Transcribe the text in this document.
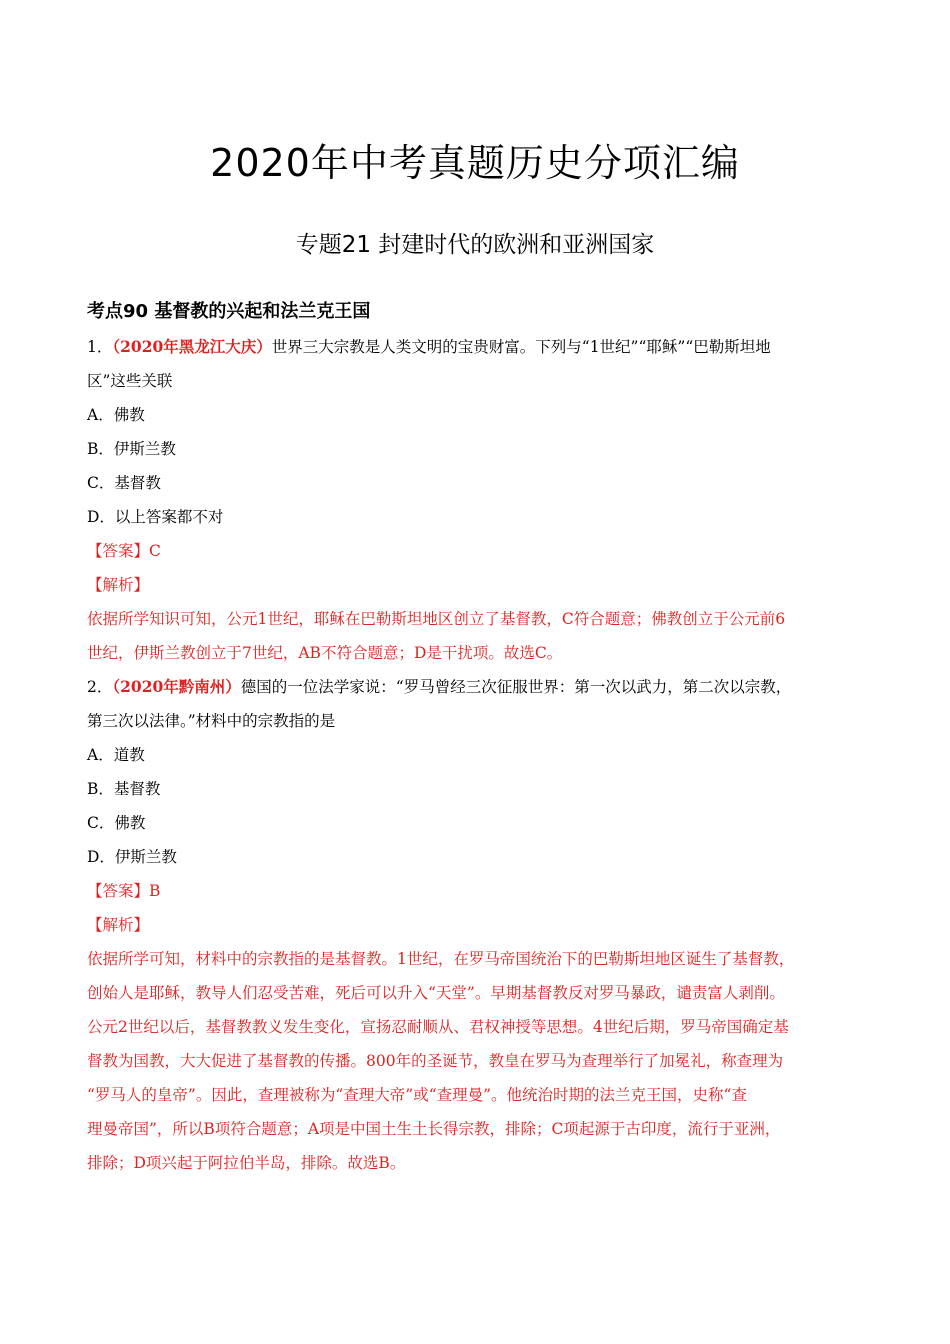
2020年中考真题历史分项汇编
专题21 封建时代的欧洲和亚洲国家
考点90 基督教的兴起和法兰克王国
1．（2020年黑龙江大庆）世界三大宗教是人类文明的宝贵财富。下列与“1世纪”“耶稣”“巴勒斯坦地
区”这些关联
A．佛教
B．伊斯兰教
C．基督教
D．以上答案都不对
【答案】C
【解析】
依据所学知识可知，公元1世纪，耶稣在巴勒斯坦地区创立了基督教，C符合题意；佛教创立于公元前6
世纪，伊斯兰教创立于7世纪，AB不符合题意；D是干扰项。故选C。
2．（2020年黔南州）德国的一位法学家说：“罗马曾经三次征服世界：第一次以武力，第二次以宗教，
第三次以法律。”材料中的宗教指的是
A．道教
B．基督教
C．佛教
D．伊斯兰教
【答案】B
【解析】
依据所学可知，材料中的宗教指的是基督教。1世纪，在罗马帝国统治下的巴勒斯坦地区诞生了基督教，
创始人是耶稣，教导人们忍受苦难，死后可以升入“天堂”。早期基督教反对罗马暴政，谴责富人剥削。
公元2世纪以后，基督教教义发生变化，宣扬忍耐顺从、君权神授等思想。4世纪后期，罗马帝国确定基
督教为国教，大大促进了基督教的传播。800年的圣诞节，教皇在罗马为查理举行了加冕礼，称查理为
“罗马人的皇帝”。因此，查理被称为“查理大帝”或“查理曼”。他统治时期的法兰克王国，史称“查
理曼帝国”，所以B项符合题意；A项是中国土生土长得宗教，排除；C项起源于古印度，流行于亚洲，
排除；D项兴起于阿拉伯半岛，排除。故选B。
